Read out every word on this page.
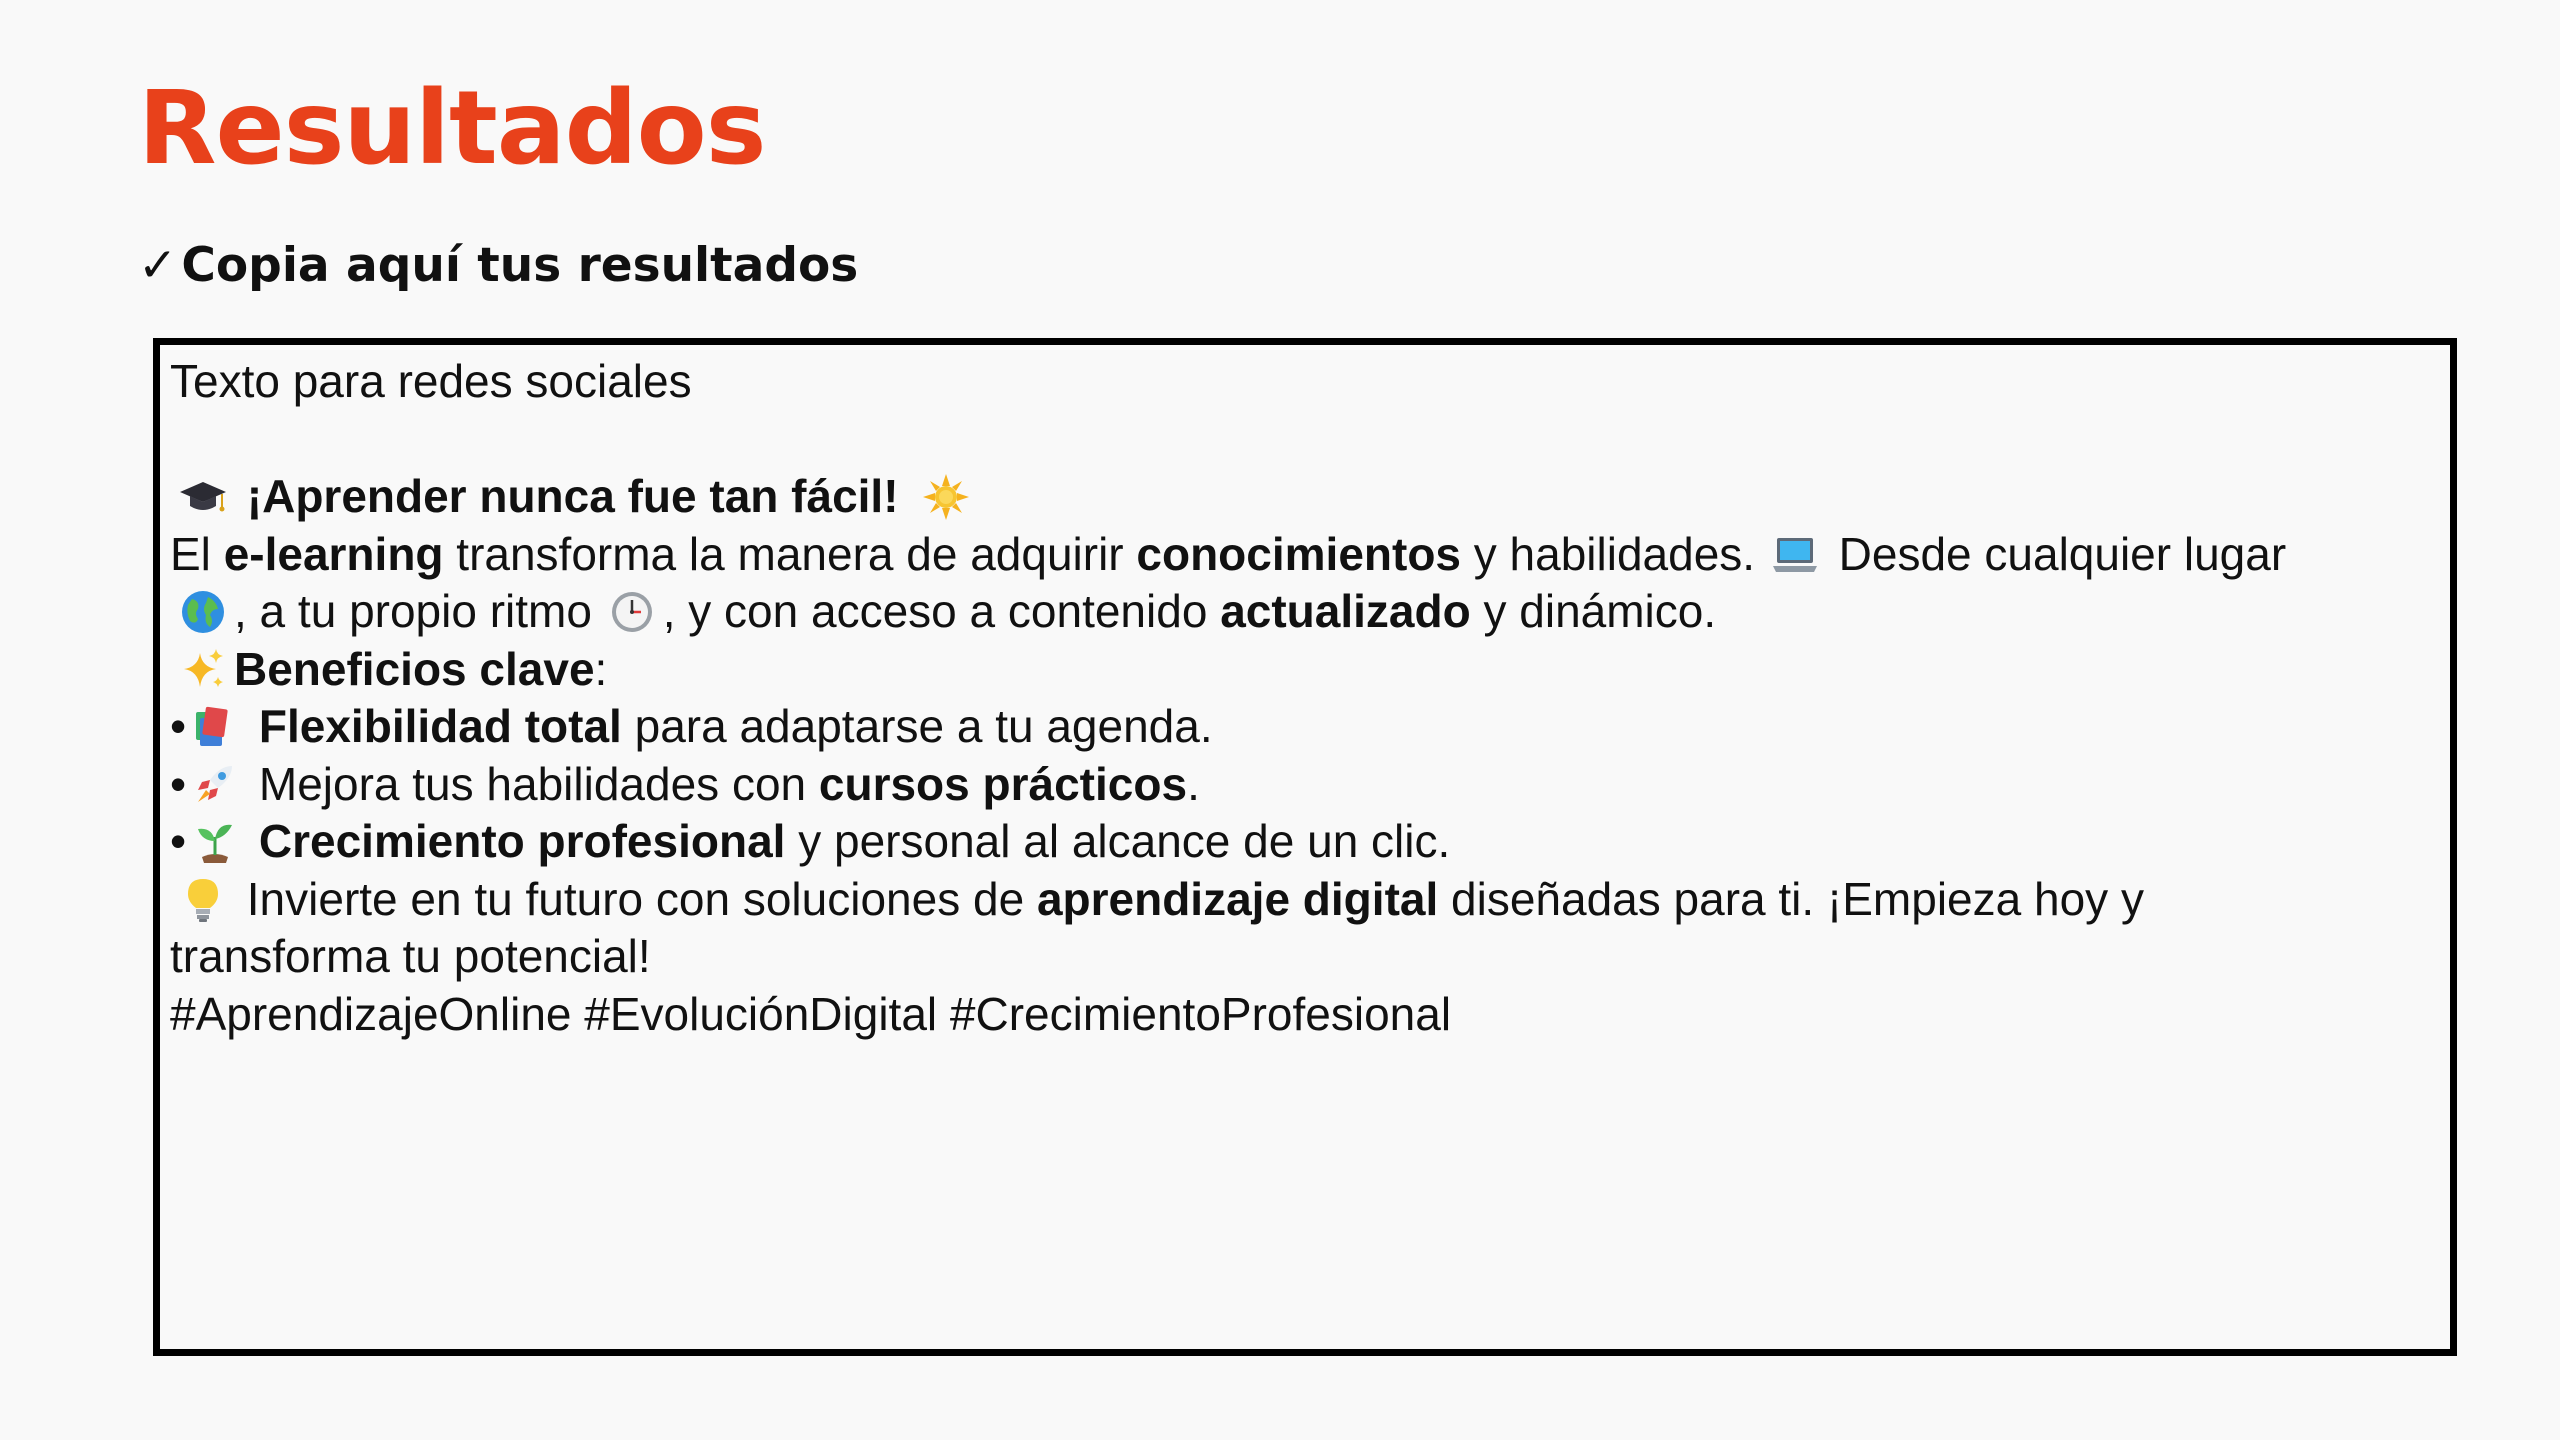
Resultados
✓ Copia aquí tus resultados
Texto para redes sociales
¡Aprender nunca fue tan fácil!
El e-learning transforma la manera de adquirir conocimientos y habilidades.  Desde cualquier lugar
, a tu propio ritmo , y con acceso a contenido actualizado y dinámico.
Beneficios clave:
• Flexibilidad total para adaptarse a tu agenda.
• Mejora tus habilidades con cursos prácticos.
• Crecimiento profesional y personal al alcance de un clic.
Invierte en tu futuro con soluciones de aprendizaje digital diseñadas para ti. ¡Empieza hoy y
transforma tu potencial!
#AprendizajeOnline #EvoluciónDigital #CrecimientoProfesional
